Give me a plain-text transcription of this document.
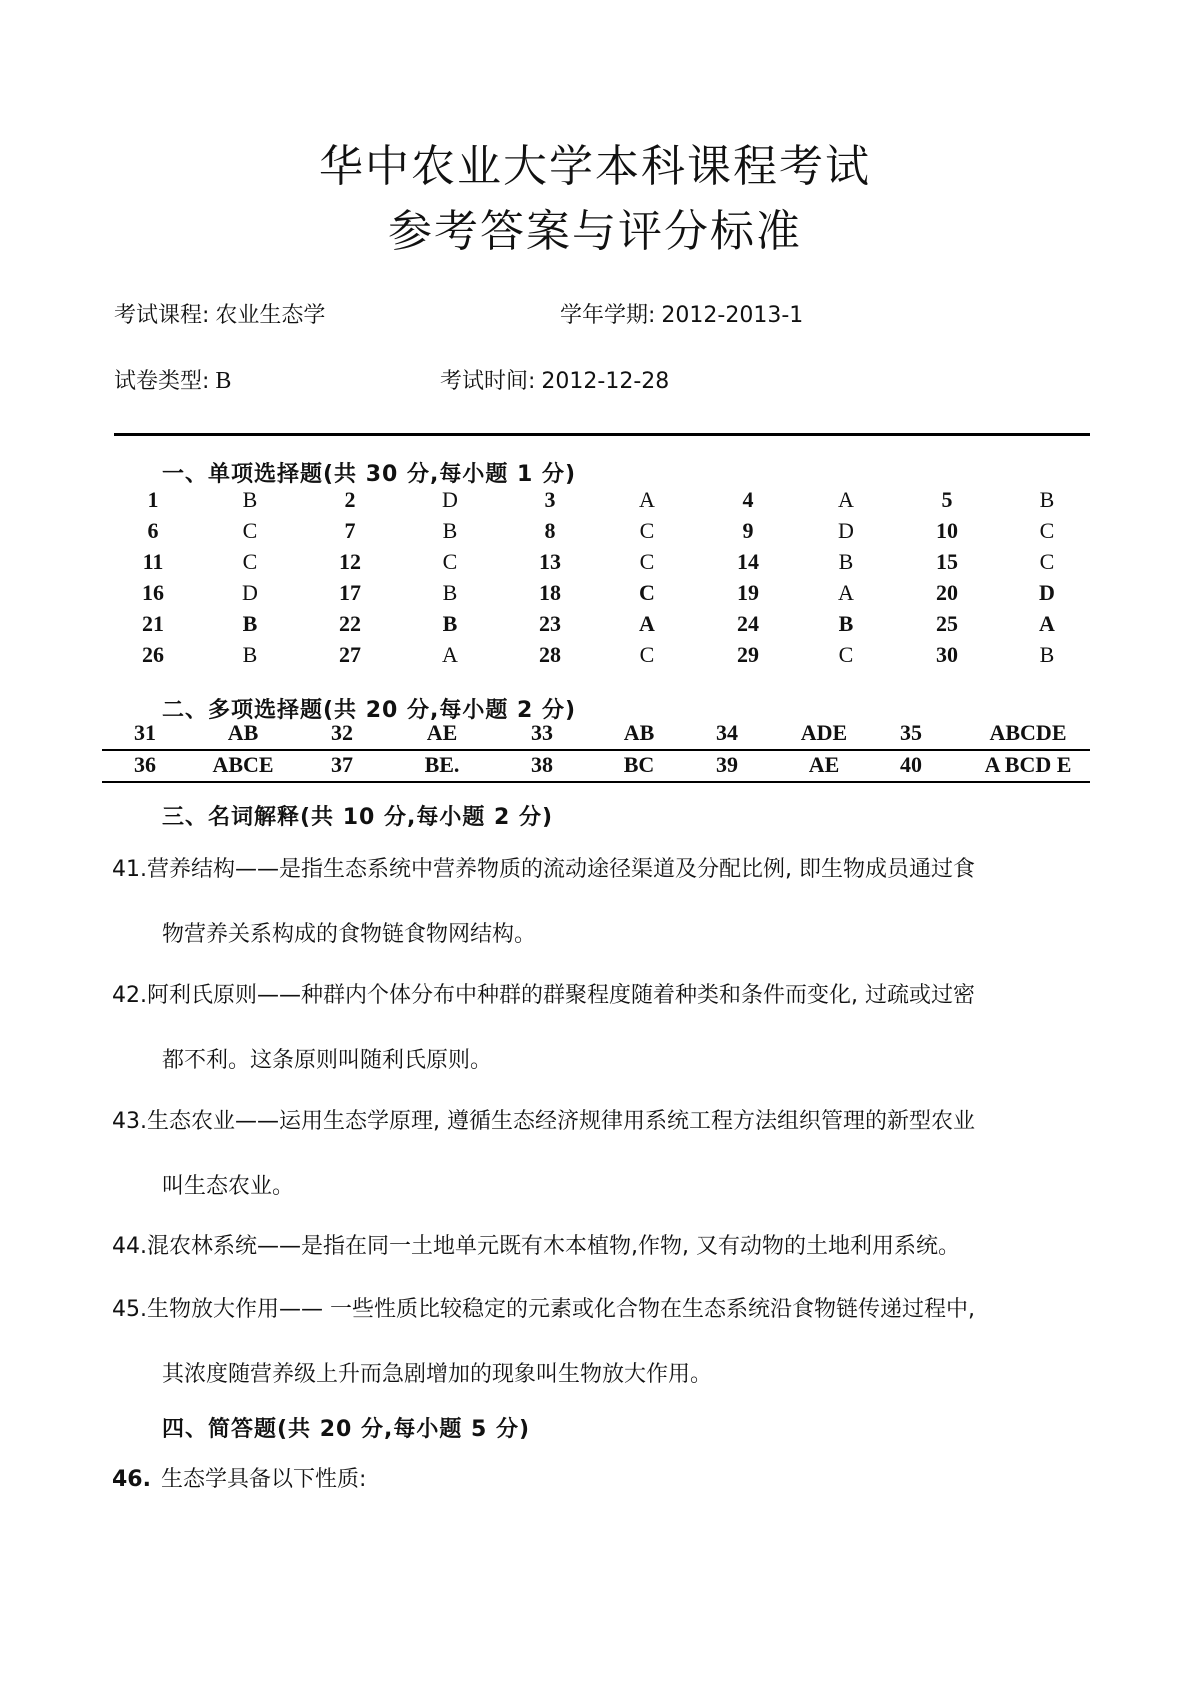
华中农业大学本科课程考试
参考答案与评分标准
考试课程: 农业生态学	学年学期: 2012-2013-1
试卷类型: B	考试时间: 2012-12-28
一、单项选择题(共 30 分,每小题 1 分)
1	B	2	D	3	A	4	A	5	B
6	C	7	B	8	C	9	D	10	C
11	C	12	C	13	C	14	B	15	C
16	D	17	B	18	C	19	A	20	D
21	B	22	B	23	A	24	B	25	A
26	B	27	A	28	C	29	C	30	B
二、多项选择题(共 20 分,每小题 2 分)
31	AB	32	AE	33	AB	34	ADE	35	ABCDE
36	ABCE	37	BE.	38	BC	39	AE	40	A BCD E
三、名词解释(共 10 分,每小题 2 分)
41.营养结构——是指生态系统中营养物质的流动途径渠道及分配比例, 即生物成员通过食
物营养关系构成的食物链食物网结构。
42.阿利氏原则——种群内个体分布中种群的群聚程度随着种类和条件而变化, 过疏或过密
都不利。这条原则叫随利氏原则。
43.生态农业——运用生态学原理, 遵循生态经济规律用系统工程方法组织管理的新型农业
叫生态农业。
44.混农林系统——是指在同一土地单元既有木本植物,作物, 又有动物的土地利用系统。
45.生物放大作用—— 一些性质比较稳定的元素或化合物在生态系统沿食物链传递过程中,
其浓度随营养级上升而急剧增加的现象叫生物放大作用。
四、简答题(共 20 分,每小题 5 分)
46. 生态学具备以下性质:
